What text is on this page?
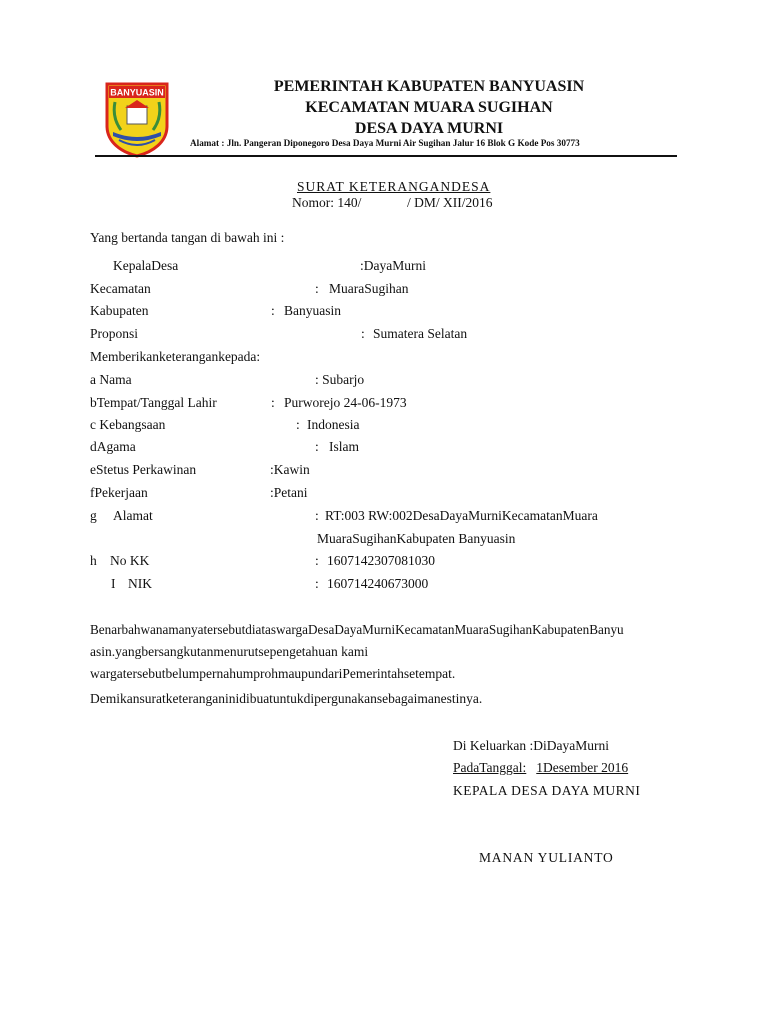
BANYUASIN	PEMERINTAH KABUPATEN BANYUASIN
KECAMATAN MUARA SUGIHAN
DESA DAYA MURNI
Alamat : Jln. Pangeran Diponegoro Desa Daya Murni Air Sugihan Jalur 16 Blok G Kode Pos 30773
SURAT KETERANGANDESA
Nomor: 140/	/ DM/ XII/2016
Yang bertanda tangan di bawah ini :
KepalaDesa	:DayaMurni
Kecamatan	: MuaraSugihan
Kabupaten	: Banyuasin
Proponsi	: Sumatera Selatan
Memberikanketerangankepada:
a Nama	: Subarjo
bTempat/Tanggal Lahir	: Purworejo 24-06-1973
c Kebangsaan	: Indonesia
dAgama	: Islam
eStetus Perkawinan	:Kawin
fPekerjaan	:Petani
g Alamat	: RT:003 RW:002DesaDayaMurniKecamatanMuara
MuaraSugihanKabupaten Banyuasin
h No KK	: 1607142307081030
I NIK	: 160714240673000
BenarbahwanamanyatersebutdiataswargaDesaDayaMurniKecamatanMuaraSugihanKabupatenBanyu
asin.yangbersangkutanmenurutsepengetahuan kami
wargatersebutbelumpernahumprohmaupundariPemerintahsetempat.
Demikansuratketeranganinidibuatuntukdipergunakansebagaimanestinya.
Di Keluarkan :DiDayaMurni
PadaTanggal: 1Desember 2016
KEPALA DESA DAYA MURNI
MANAN YULIANTO
